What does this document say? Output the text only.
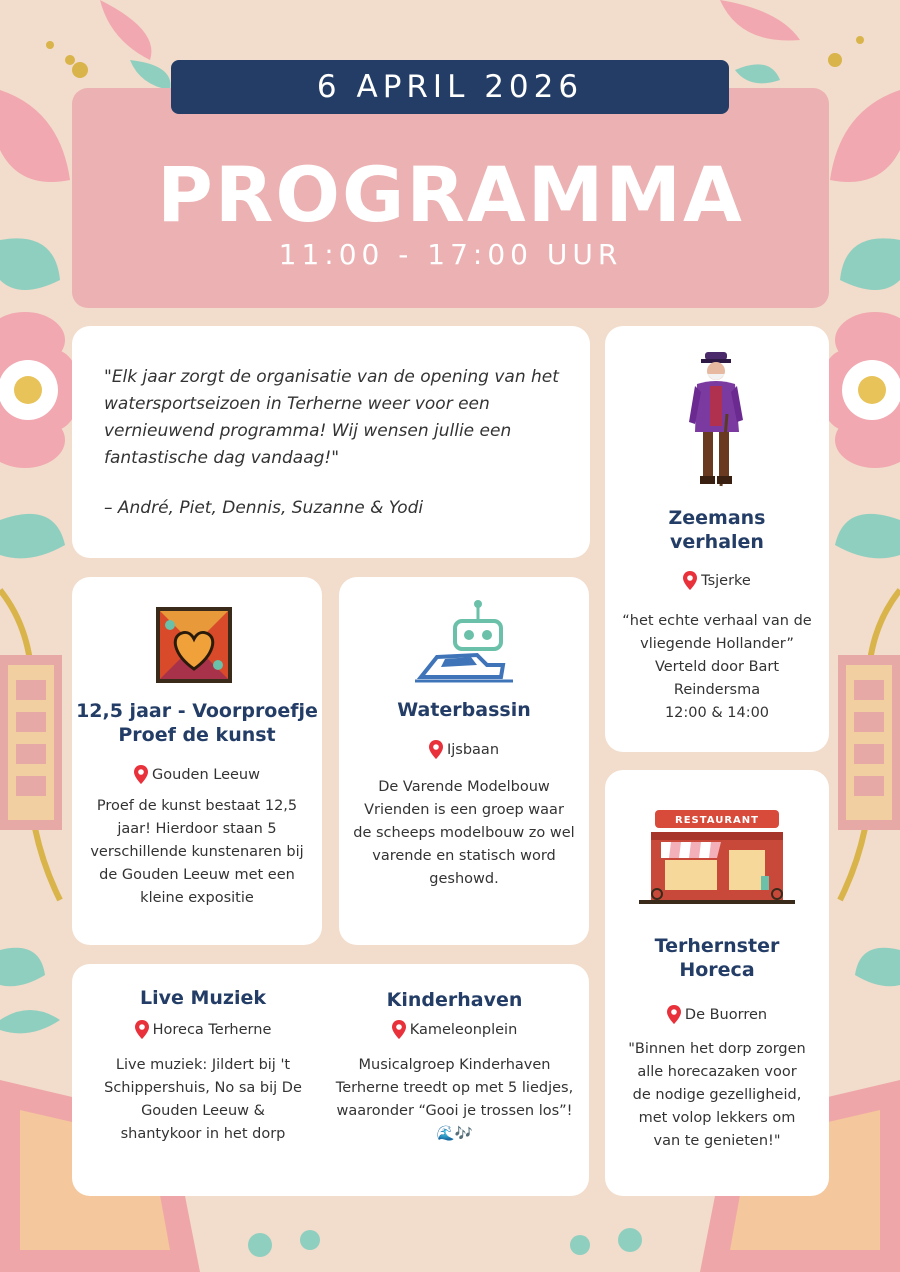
6 APRIL 2026
PROGRAMMA
11:00 - 17:00 UUR
"Elk jaar zorgt de organisatie van de opening van het watersportseizoen in Terherne weer voor een vernieuwend programma! Wij wensen jullie een fantastische dag vandaag!"
– André, Piet, Dennis, Suzanne & Yodi	Zeemans
verhalen
Tsjerke
“het echte verhaal van de
vliegende Hollander”
Verteld door Bart
Reindersma
12:00 & 14:00
12,5 jaar - Voorproefje
Proef de kunst
Gouden Leeuw
Proef de kunst bestaat 12,5
jaar! Hierdoor staan 5
verschillende kunstenaren bij
de Gouden Leeuw met een
kleine expositie
Waterbassin
Ijsbaan
De Varende Modelbouw
Vrienden is een groep waar
de scheeps modelbouw zo wel
varende en statisch word
geshowd.
RESTAURANT
Terhernster
Horeca
De Buorren
"Binnen het dorp zorgen
alle horecazaken voor
de nodige gezelligheid,
met volop lekkers om
van te genieten!"
Live Muziek
Horeca Terherne
Live muziek: Jildert bij 't
Schippershuis, No sa bij De
Gouden Leeuw &
shantykoor in het dorp
Kinderhaven
Kameleonplein
Musicalgroep Kinderhaven
Terherne treedt op met 5 liedjes,
waaronder “Gooi je trossen los”!
🌊🎶
